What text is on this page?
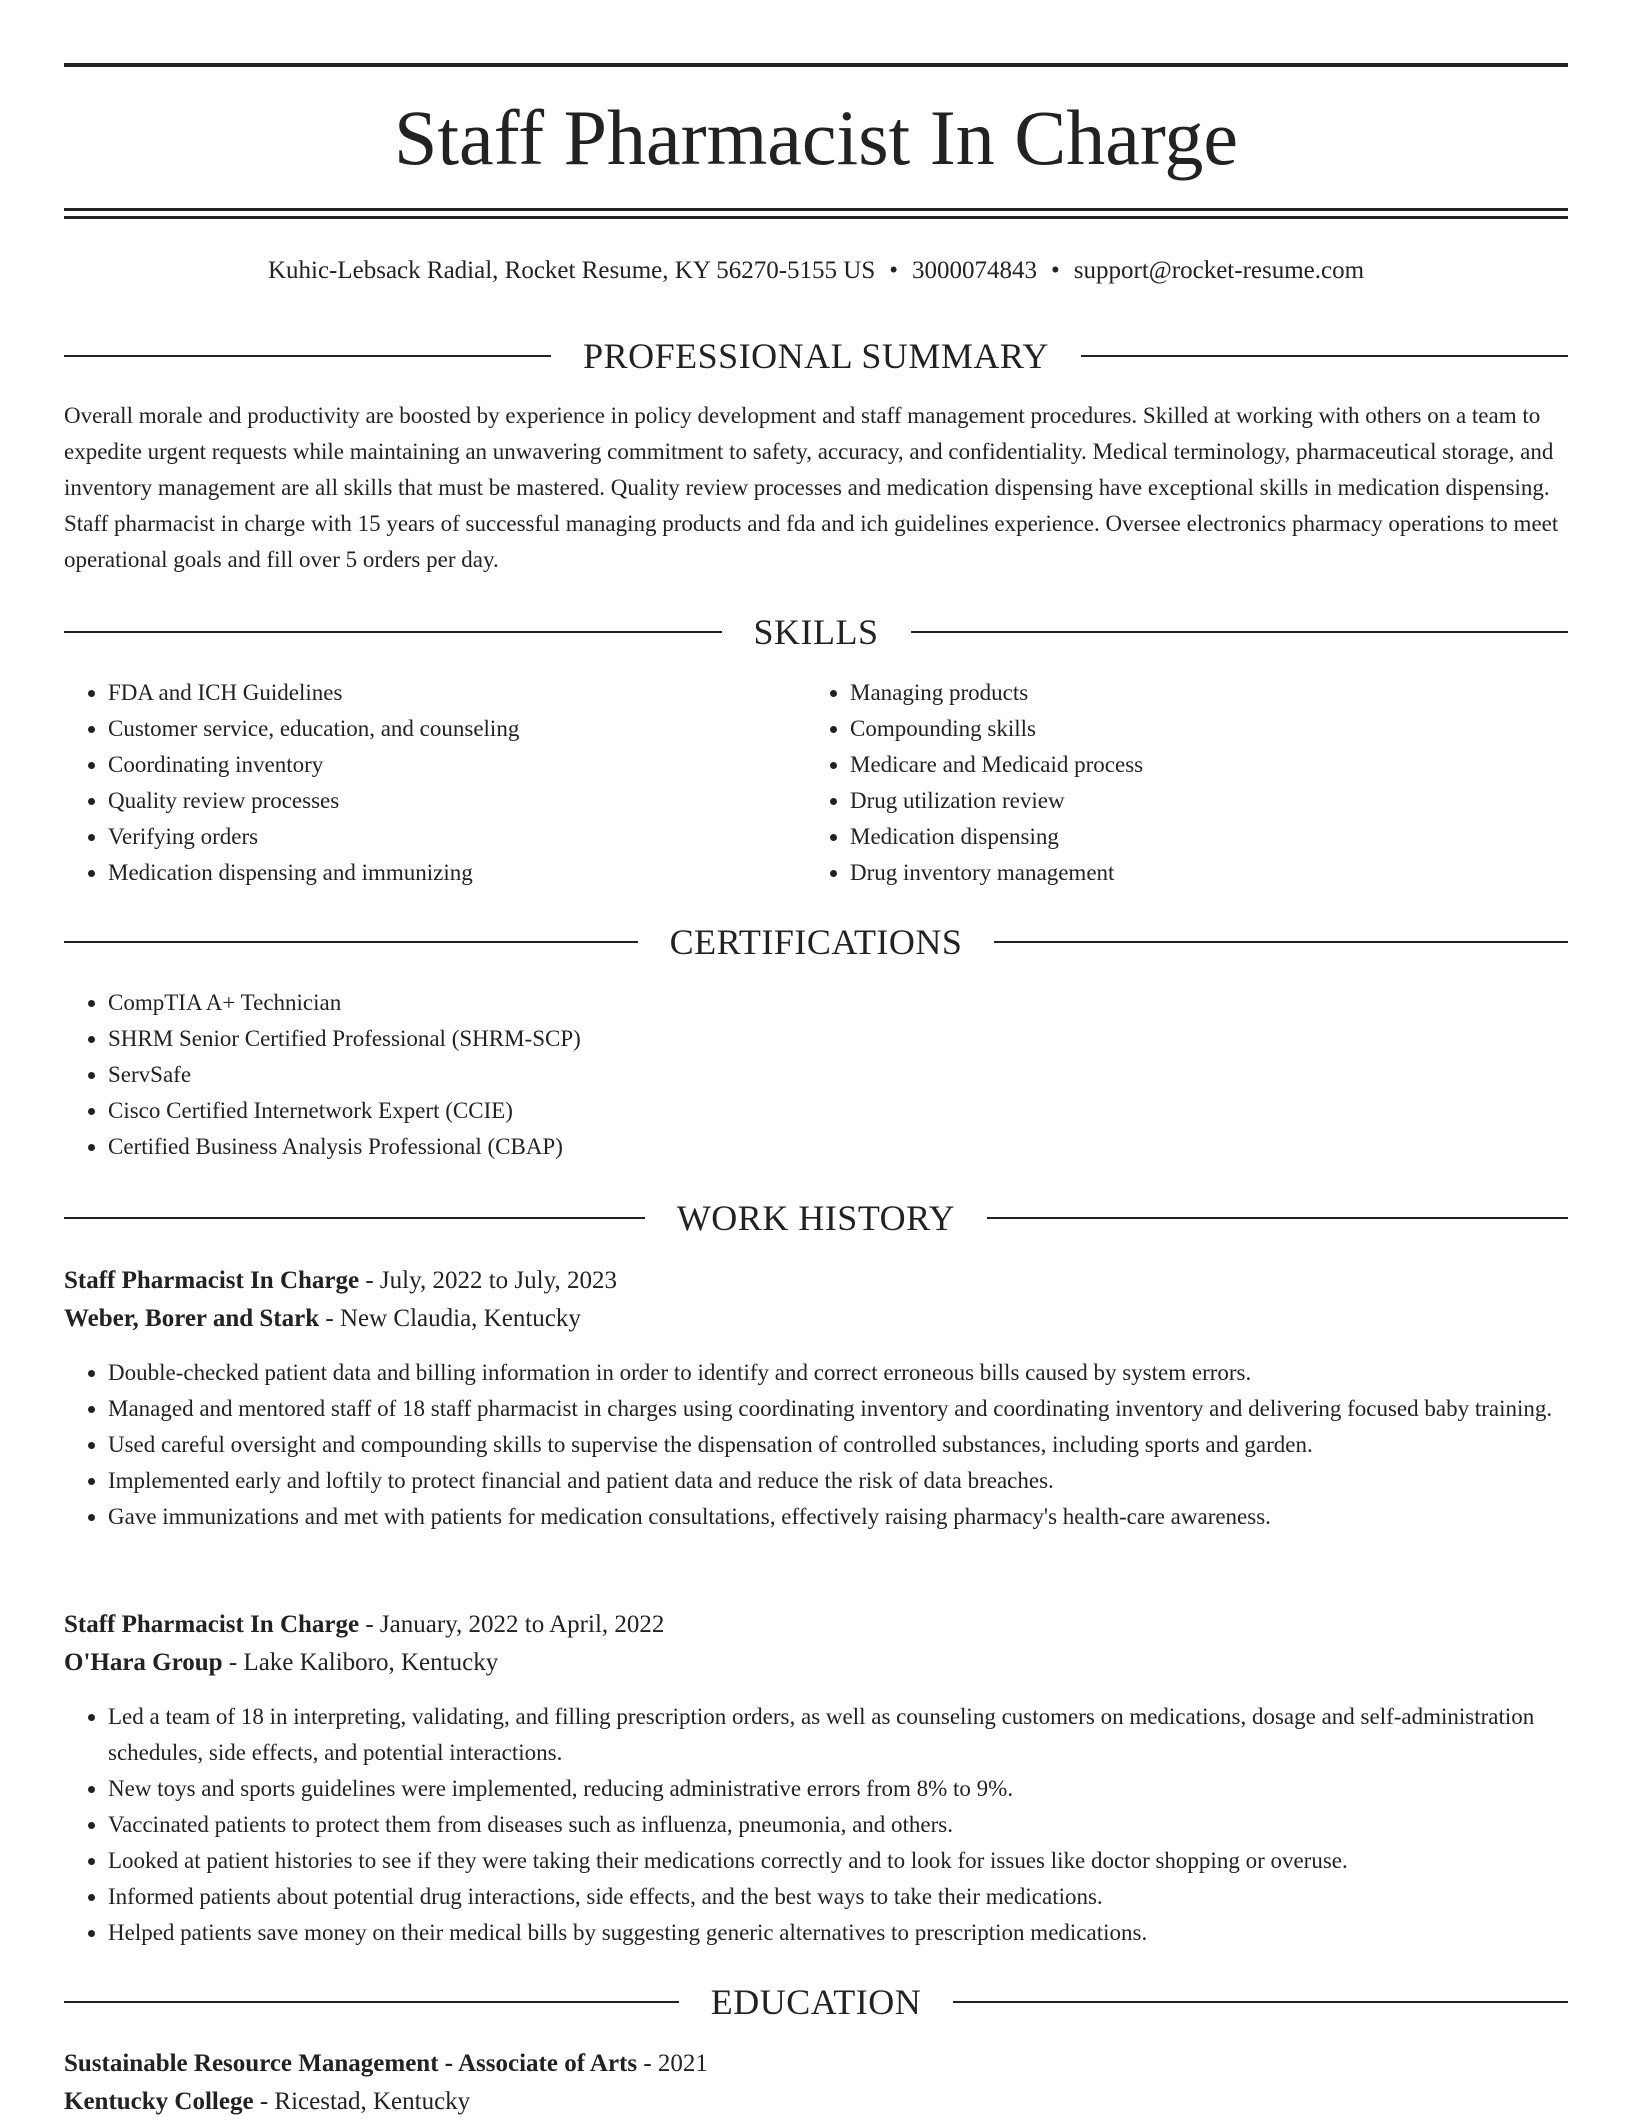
Staff Pharmacist In Charge
Kuhic-Lebsack Radial, Rocket Resume, KY 56270-5155 US • 3000074843 • support@rocket-resume.com
PROFESSIONAL SUMMARY

Overall morale and productivity are boosted by experience in policy development and staff management procedures. Skilled at working with others on a team to expedite urgent requests while maintaining an unwavering commitment to safety, accuracy, and confidentiality. Medical terminology, pharmaceutical storage, and inventory management are all skills that must be mastered. Quality review processes and medication dispensing have exceptional skills in medication dispensing. Staff pharmacist in charge with 15 years of successful managing products and fda and ich guidelines experience. Oversee electronics pharmacy operations to meet operational goals and fill over 5 orders per day.

SKILLS
• FDA and ICH Guidelines
• Customer service, education, and counseling
• Coordinating inventory
• Quality review processes
• Verifying orders
• Medication dispensing and immunizing
• Managing products
• Compounding skills
• Medicare and Medicaid process
• Drug utilization review
• Medication dispensing
• Drug inventory management
CERTIFICATIONS
• CompTIA A+ Technician
• SHRM Senior Certified Professional (SHRM-SCP)
• ServSafe
• Cisco Certified Internetwork Expert (CCIE)
• Certified Business Analysis Professional (CBAP)
WORK HISTORY
Staff Pharmacist In Charge - July, 2022 to July, 2023
Weber, Borer and Stark - New Claudia, Kentucky
• Double-checked patient data and billing information in order to identify and correct erroneous bills caused by system errors.
• Managed and mentored staff of 18 staff pharmacist in charges using coordinating inventory and coordinating inventory and delivering focused baby training.
• Used careful oversight and compounding skills to supervise the dispensation of controlled substances, including sports and garden.
• Implemented early and loftily to protect financial and patient data and reduce the risk of data breaches.
• Gave immunizations and met with patients for medication consultations, effectively raising pharmacy's health-care awareness.
Staff Pharmacist In Charge - January, 2022 to April, 2022
O'Hara Group - Lake Kaliboro, Kentucky
• Led a team of 18 in interpreting, validating, and filling prescription orders, as well as counseling customers on medications, dosage and self-administration schedules, side effects, and potential interactions.
• New toys and sports guidelines were implemented, reducing administrative errors from 8% to 9%.
• Vaccinated patients to protect them from diseases such as influenza, pneumonia, and others.
• Looked at patient histories to see if they were taking their medications correctly and to look for issues like doctor shopping or overuse.
• Informed patients about potential drug interactions, side effects, and the best ways to take their medications.
• Helped patients save money on their medical bills by suggesting generic alternatives to prescription medications.
EDUCATION
Sustainable Resource Management - Associate of Arts - 2021
Kentucky College - Ricestad, Kentucky
